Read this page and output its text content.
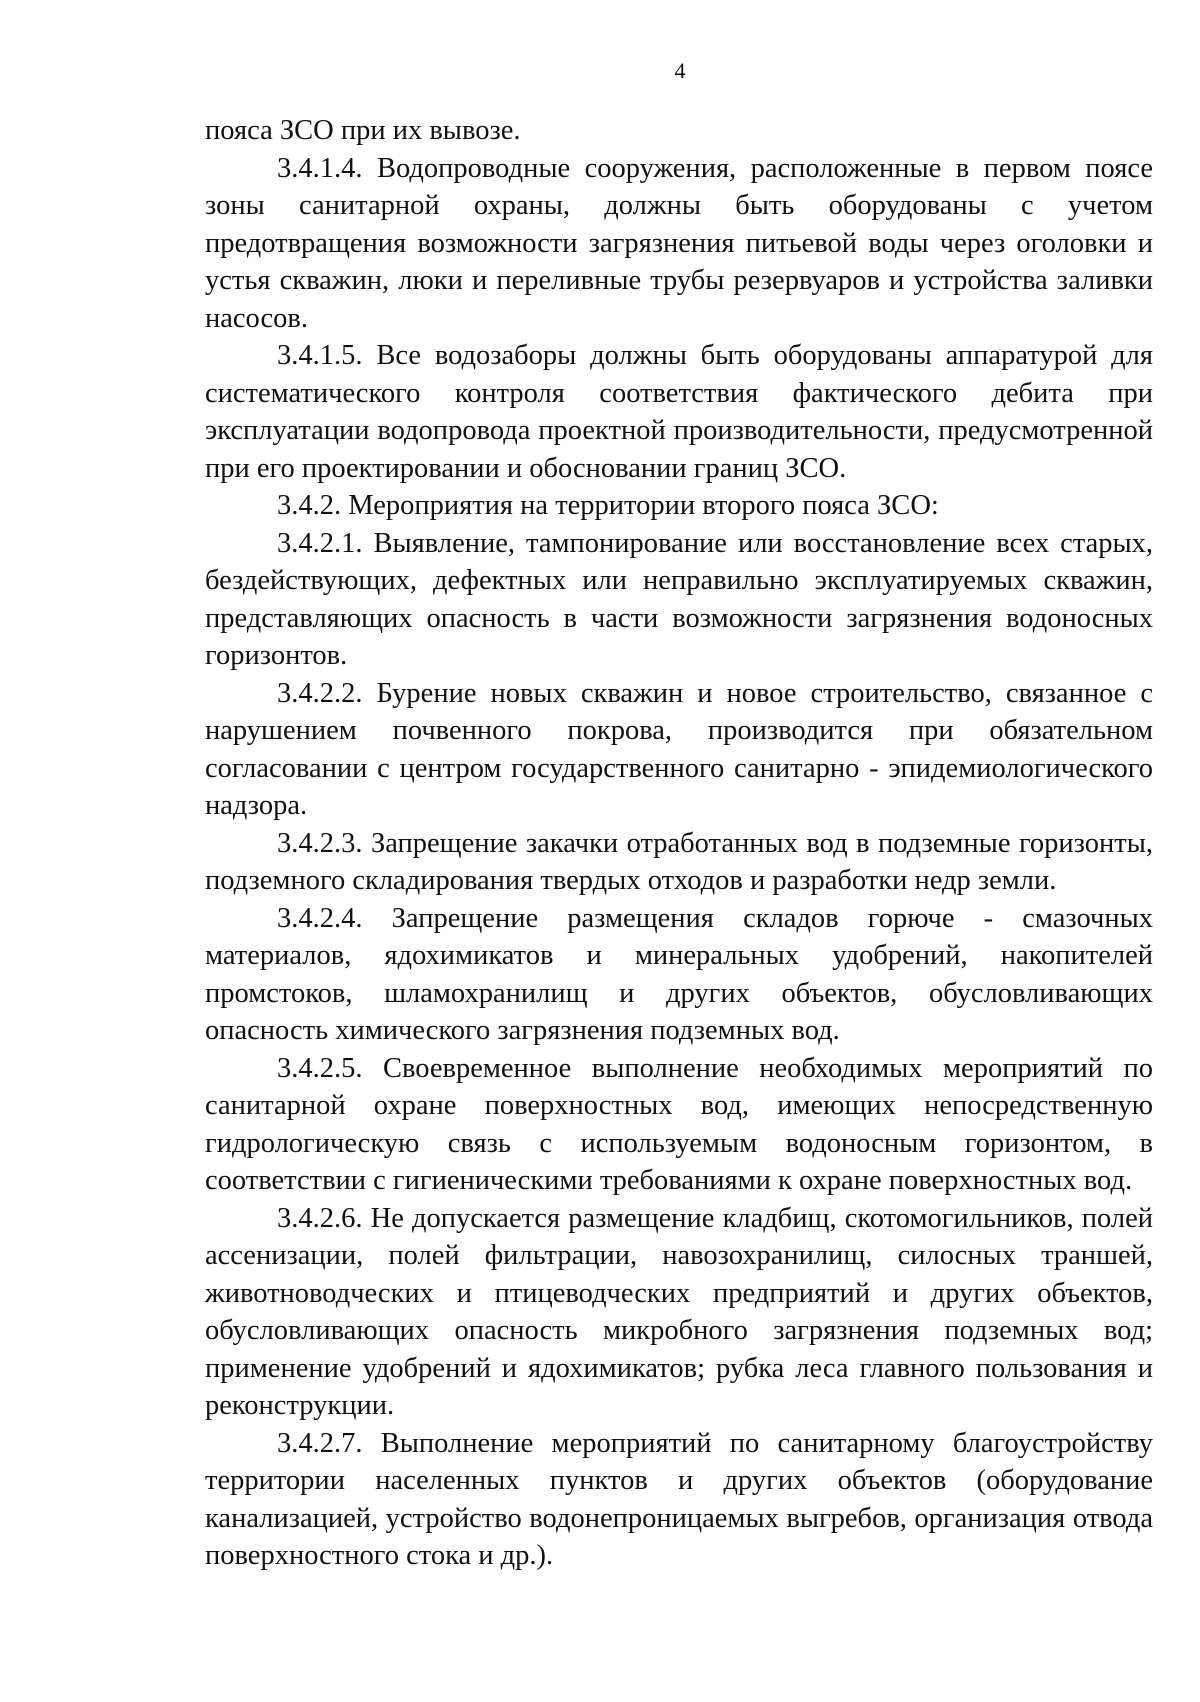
4

пояса ЗСО при их вывозе.

3.4.1.4. Водопроводные сооружения, расположенные в первом поясе зоны санитарной охраны, должны быть оборудованы с учетом предотвращения возможности загрязнения питьевой воды через оголовки и устья скважин, люки и переливные трубы резервуаров и устройства заливки насосов.

3.4.1.5. Все водозаборы должны быть оборудованы аппаратурой для систематического контроля соответствия фактического дебита при эксплуатации водопровода проектной производительности, предусмотренной при его проектировании и обосновании границ ЗСО.

3.4.2. Мероприятия на территории второго пояса ЗСО:

3.4.2.1. Выявление, тампонирование или восстановление всех старых, бездействующих, дефектных или неправильно эксплуатируемых скважин, представляющих опасность в части возможности загрязнения водоносных горизонтов.

3.4.2.2. Бурение новых скважин и новое строительство, связанное с нарушением почвенного покрова, производится при обязательном согласовании с центром государственного санитарно - эпидемиологического надзора.

3.4.2.3. Запрещение закачки отработанных вод в подземные горизонты, подземного складирования твердых отходов и разработки недр земли.

3.4.2.4. Запрещение размещения складов горюче - смазочных материалов, ядохимикатов и минеральных удобрений, накопителей промстоков, шламохранилищ и других объектов, обусловливающих опасность химического загрязнения подземных вод.

3.4.2.5. Своевременное выполнение необходимых мероприятий по санитарной охране поверхностных вод, имеющих непосредственную гидрологическую связь с используемым водоносным горизонтом, в соответствии с гигиеническими требованиями к охране поверхностных вод.

3.4.2.6. Не допускается размещение кладбищ, скотомогильников, полей ассенизации, полей фильтрации, навозохранилищ, силосных траншей, животноводческих и птицеводческих предприятий и других объектов, обусловливающих опасность микробного загрязнения подземных вод; применение удобрений и ядохимикатов; рубка леса главного пользования и реконструкции.

3.4.2.7. Выполнение мероприятий по санитарному благоустройству территории населенных пунктов и других объектов (оборудование канализацией, устройство водонепроницаемых выгребов, организация отвода поверхностного стока и др.).
